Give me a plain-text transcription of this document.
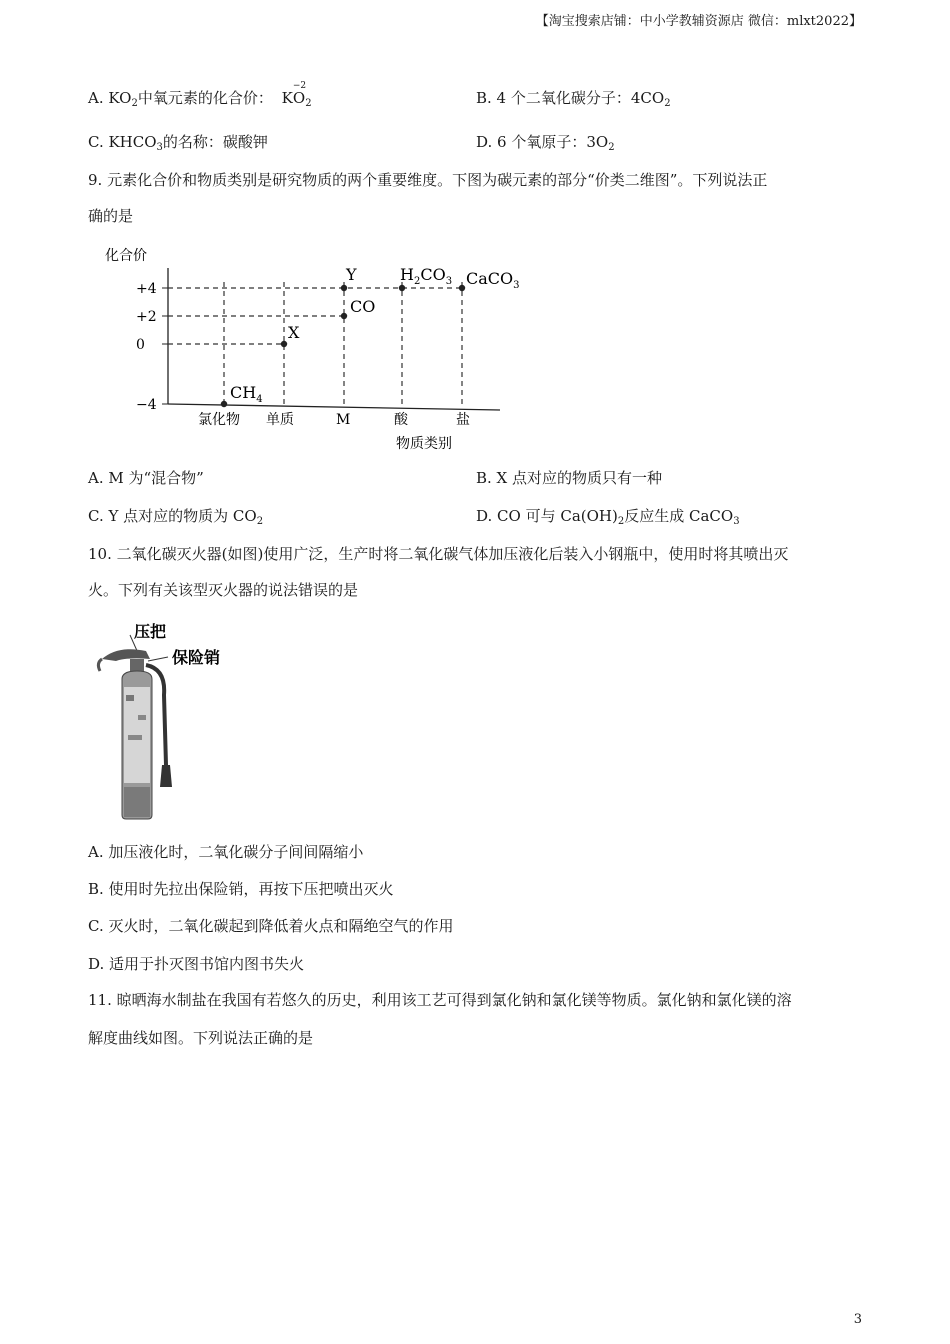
【淘宝搜索店铺：中小学教辅资源店 微信：mlxt2022】
A. $KO_2$中氧元素的化合价： K
−2
$O_2$	B. 4 个二氧化碳分子：$4CO_2$
C. $KHCO_3$的名称：碳酸钾	D. 6 个氧原子：$3O_2$
9. 元素化合价和物质类别是研究物质的两个重要维度。下图为碳元素的部分“价类二维图”。下列说法正
确的是
化合价
+4
+2
0
−4
氯化物 单质	M	酸	盐
$CH_4$
X
Y
CO
$H_2CO_3$ CaCO$_3$
物质类别
A. M 为“混合物”	B. X 点对应的物质只有一种
C. Y 点对应的物质为 $CO_2$	D. CO 可与 $Ca(OH)_2$反应生成 CaCO$_3$
10. 二氧化碳灭火器(如图)使用广泛，生产时将二氧化碳气体加压液化后装入小钢瓶中，使用时将其喷出灭
火。下列有关该型灭火器的说法错误的是
压把
保险销
A. 加压液化时，二氧化碳分子间间隔缩小
B. 使用时先拉出保险销，再按下压把喷出灭火
C. 灭火时，二氧化碳起到降低着火点和隔绝空气的作用
D. 适用于扑灭图书馆内图书失火
11. 晾晒海水制盐在我国有若悠久的历史，利用该工艺可得到氯化钠和氯化镁等物质。氯化钠和氯化镁的溶
解度曲线如图。下列说法正确的是
3
